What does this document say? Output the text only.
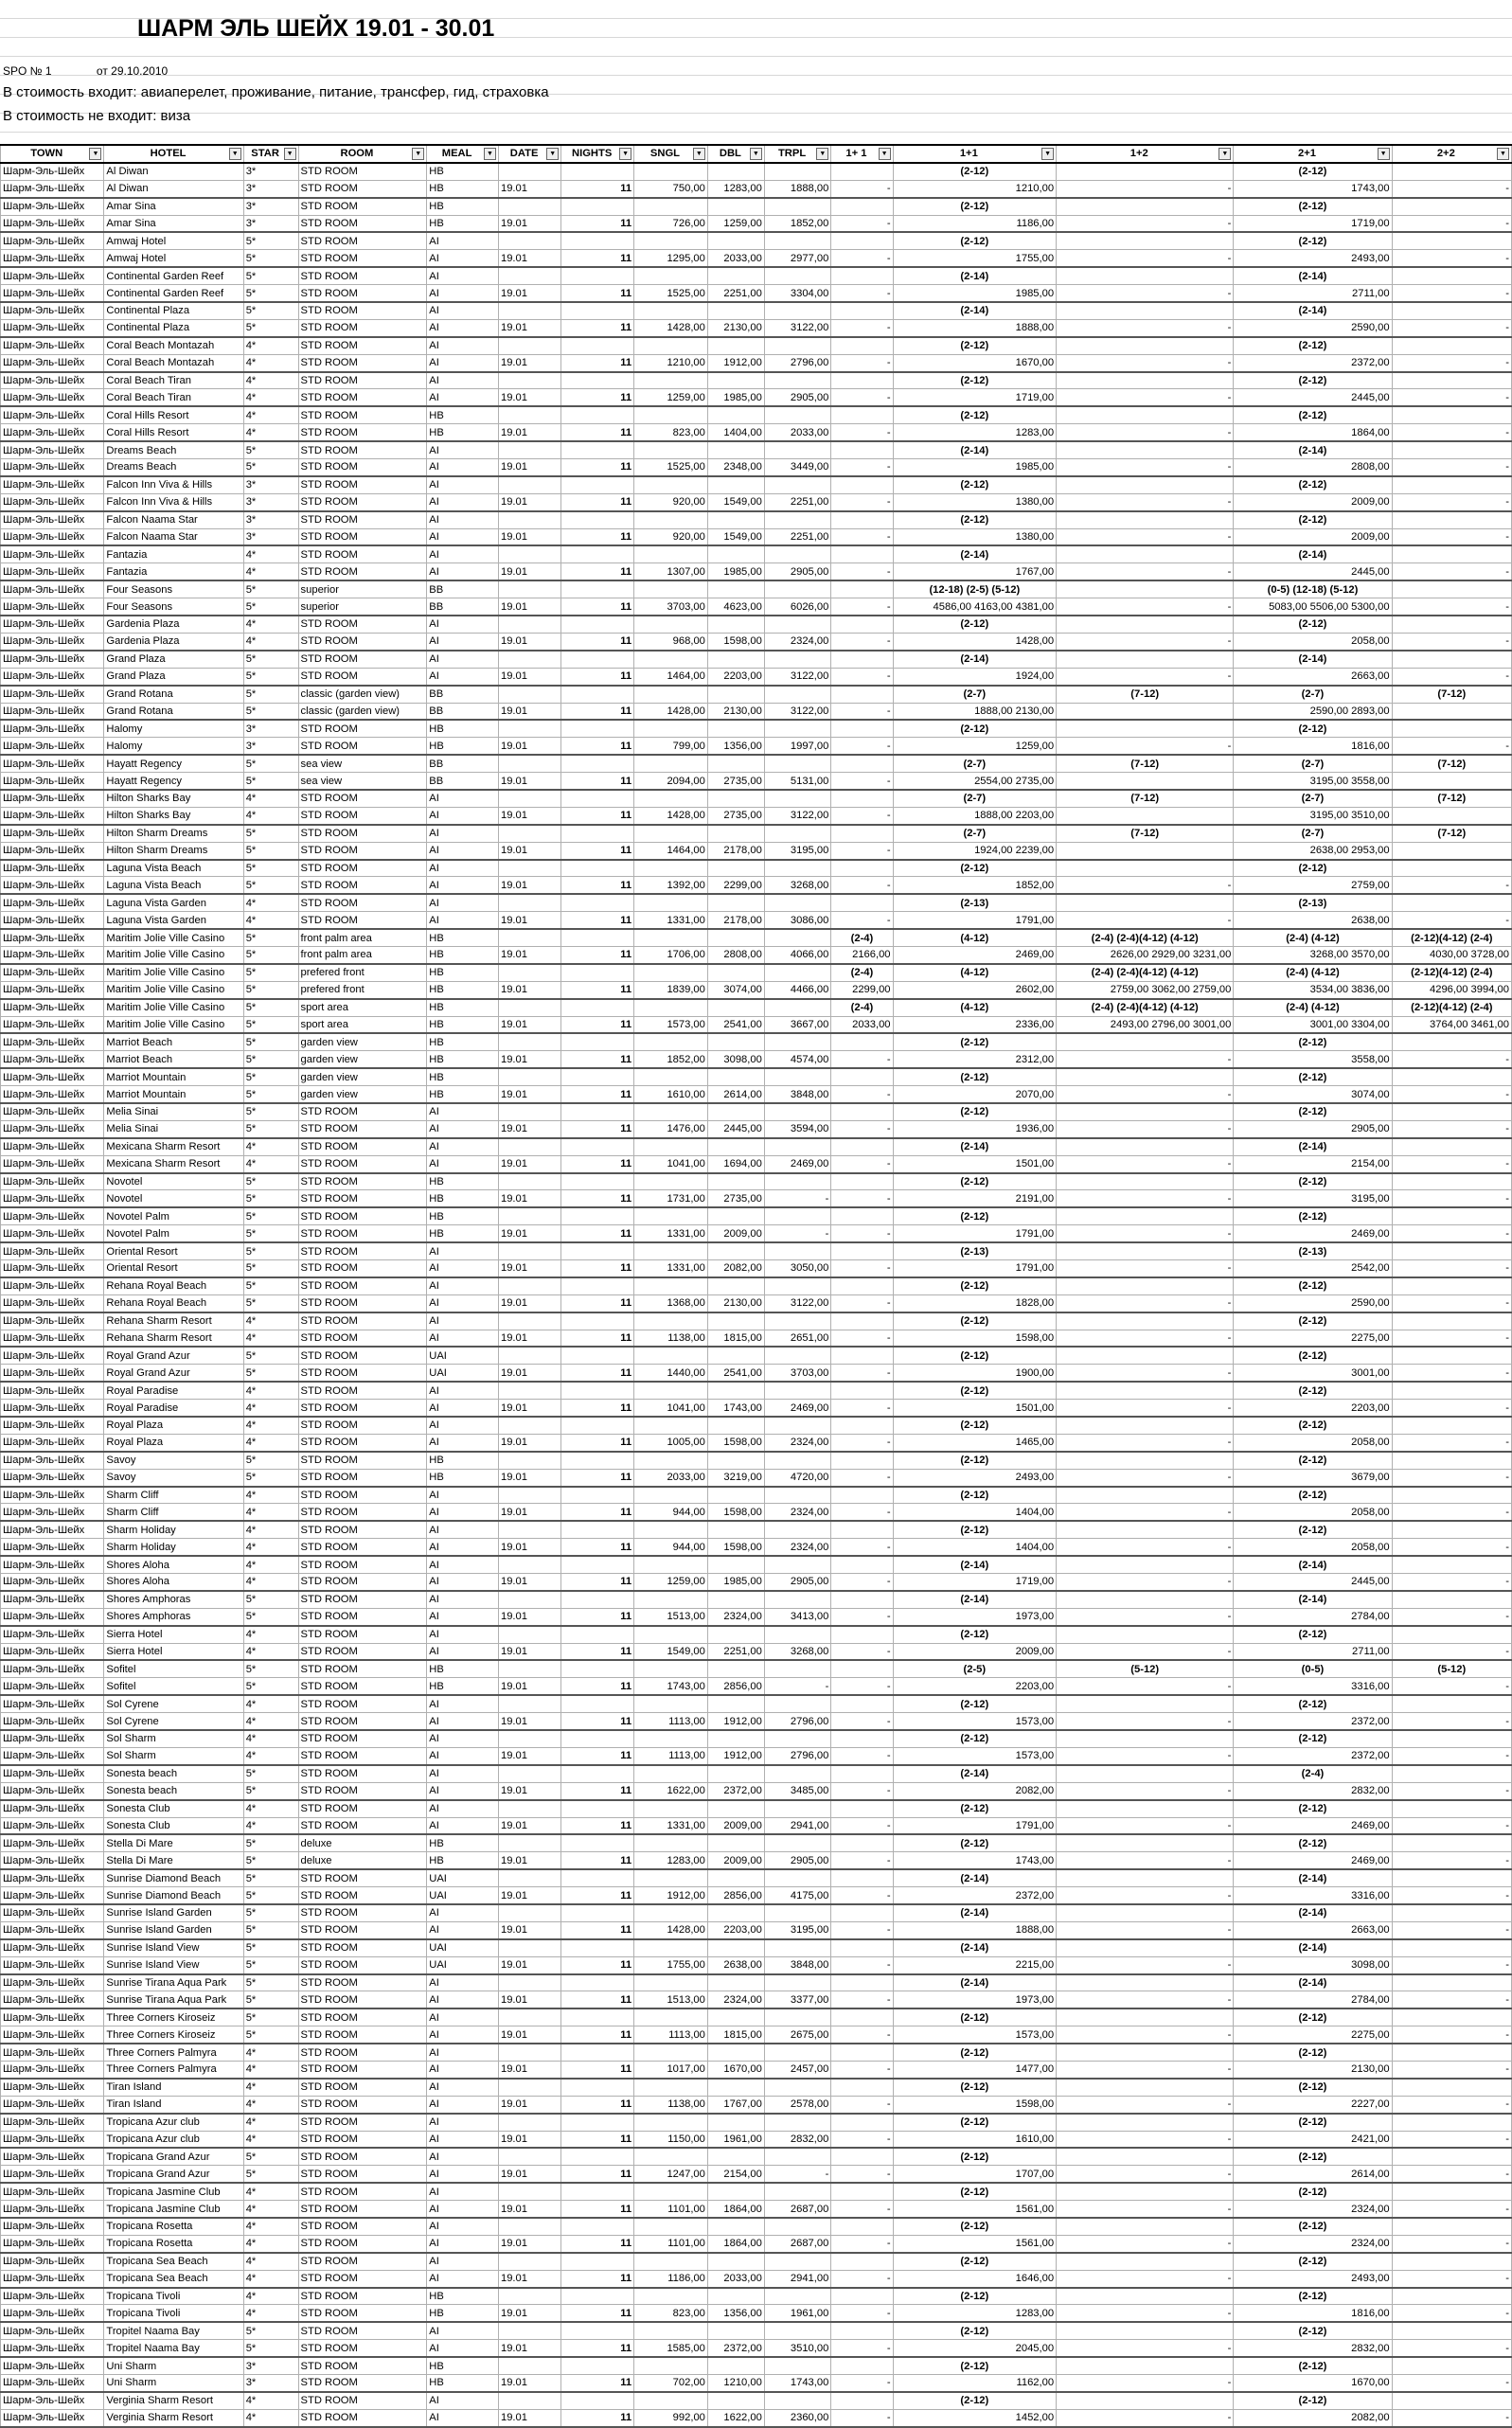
ШАРМ ЭЛЬ ШЕЙХ 19.01 - 30.01
SPO № 1	от 29.10.2010
В стоимость входит: авиаперелет, проживание, питание, трансфер, гид, страховка
В стоимость не входит: виза
TOWN ▼	HOTEL ▼	STAR ▼	ROOM ▼	MEAL ▼	DATE ▼	NIGHTS ▼	SNGL ▼	DBL ▼	TRPL ▼	1+ 1 ▼	1+1 ▼	1+2 ▼	2+1 ▼	2+2 ▼

Шарм-Эль-Шейх	Al Diwan	3*	STD ROOM	HB							(2-12)		(2-12)	
Шарм-Эль-Шейх	Al Diwan	3*	STD ROOM	HB	19.01	11	750,00	1283,00	1888,00	-	1210,00	-	1743,00	-
Шарм-Эль-Шейх	Amar Sina	3*	STD ROOM	HB							(2-12)		(2-12)	
Шарм-Эль-Шейх	Amar Sina	3*	STD ROOM	HB	19.01	11	726,00	1259,00	1852,00	-	1186,00	-	1719,00	-
Шарм-Эль-Шейх	Amwaj Hotel	5*	STD ROOM	AI							(2-12)		(2-12)	
Шарм-Эль-Шейх	Amwaj Hotel	5*	STD ROOM	AI	19.01	11	1295,00	2033,00	2977,00	-	1755,00	-	2493,00	-
Шарм-Эль-Шейх	Continental Garden Reef	5*	STD ROOM	AI							(2-14)		(2-14)	
Шарм-Эль-Шейх	Continental Garden Reef	5*	STD ROOM	AI	19.01	11	1525,00	2251,00	3304,00	-	1985,00	-	2711,00	-
Шарм-Эль-Шейх	Continental Plaza	5*	STD ROOM	AI							(2-14)		(2-14)	
Шарм-Эль-Шейх	Continental Plaza	5*	STD ROOM	AI	19.01	11	1428,00	2130,00	3122,00	-	1888,00	-	2590,00	-
Шарм-Эль-Шейх	Coral Beach Montazah	4*	STD ROOM	AI							(2-12)		(2-12)	
Шарм-Эль-Шейх	Coral Beach Montazah	4*	STD ROOM	AI	19.01	11	1210,00	1912,00	2796,00	-	1670,00	-	2372,00	-
Шарм-Эль-Шейх	Coral Beach Tiran	4*	STD ROOM	AI							(2-12)		(2-12)	
Шарм-Эль-Шейх	Coral Beach Tiran	4*	STD ROOM	AI	19.01	11	1259,00	1985,00	2905,00	-	1719,00	-	2445,00	-
Шарм-Эль-Шейх	Coral Hills Resort	4*	STD ROOM	HB							(2-12)		(2-12)	
Шарм-Эль-Шейх	Coral Hills Resort	4*	STD ROOM	HB	19.01	11	823,00	1404,00	2033,00	-	1283,00	-	1864,00	-
Шарм-Эль-Шейх	Dreams Beach	5*	STD ROOM	AI							(2-14)		(2-14)	
Шарм-Эль-Шейх	Dreams Beach	5*	STD ROOM	AI	19.01	11	1525,00	2348,00	3449,00	-	1985,00	-	2808,00	-
Шарм-Эль-Шейх	Falcon Inn Viva & Hills	3*	STD ROOM	AI							(2-12)		(2-12)	
Шарм-Эль-Шейх	Falcon Inn Viva & Hills	3*	STD ROOM	AI	19.01	11	920,00	1549,00	2251,00	-	1380,00	-	2009,00	-
Шарм-Эль-Шейх	Falcon Naama Star	3*	STD ROOM	AI							(2-12)		(2-12)	
Шарм-Эль-Шейх	Falcon Naama Star	3*	STD ROOM	AI	19.01	11	920,00	1549,00	2251,00	-	1380,00	-	2009,00	-
Шарм-Эль-Шейх	Fantazia	4*	STD ROOM	AI							(2-14)		(2-14)	
Шарм-Эль-Шейх	Fantazia	4*	STD ROOM	AI	19.01	11	1307,00	1985,00	2905,00	-	1767,00	-	2445,00	-
Шарм-Эль-Шейх	Four Seasons	5*	superior	BB							(12-18) (2-5) (5-12)		(0-5) (12-18) (5-12)	
Шарм-Эль-Шейх	Four Seasons	5*	superior	BB	19.01	11	3703,00	4623,00	6026,00	-	4586,00 4163,00 4381,00	-	5083,00 5506,00 5300,00	-
Шарм-Эль-Шейх	Gardenia Plaza	4*	STD ROOM	AI							(2-12)		(2-12)	
Шарм-Эль-Шейх	Gardenia Plaza	4*	STD ROOM	AI	19.01	11	968,00	1598,00	2324,00	-	1428,00	-	2058,00	-
Шарм-Эль-Шейх	Grand Plaza	5*	STD ROOM	AI							(2-14)		(2-14)	
Шарм-Эль-Шейх	Grand Plaza	5*	STD ROOM	AI	19.01	11	1464,00	2203,00	3122,00	-	1924,00	-	2663,00	-
Шарм-Эль-Шейх	Grand Rotana	5*	classic (garden view)	BB							(2-7)	(7-12)	(2-7)	(7-12)
Шарм-Эль-Шейх	Grand Rotana	5*	classic (garden view)	BB	19.01	11	1428,00	2130,00	3122,00	-	1888,00 2130,00		2590,00 2893,00	
Шарм-Эль-Шейх	Halomy	3*	STD ROOM	HB							(2-12)		(2-12)	
Шарм-Эль-Шейх	Halomy	3*	STD ROOM	HB	19.01	11	799,00	1356,00	1997,00	-	1259,00	-	1816,00	-
Шарм-Эль-Шейх	Hayatt Regency	5*	sea view	BB							(2-7)	(7-12)	(2-7)	(7-12)
Шарм-Эль-Шейх	Hayatt Regency	5*	sea view	BB	19.01	11	2094,00	2735,00	5131,00	-	2554,00 2735,00		3195,00 3558,00	
Шарм-Эль-Шейх	Hilton Sharks Bay	4*	STD ROOM	AI							(2-7)	(7-12)	(2-7)	(7-12)
Шарм-Эль-Шейх	Hilton Sharks Bay	4*	STD ROOM	AI	19.01	11	1428,00	2735,00	3122,00	-	1888,00 2203,00		3195,00 3510,00	
Шарм-Эль-Шейх	Hilton Sharm Dreams	5*	STD ROOM	AI							(2-7)	(7-12)	(2-7)	(7-12)
Шарм-Эль-Шейх	Hilton Sharm Dreams	5*	STD ROOM	AI	19.01	11	1464,00	2178,00	3195,00	-	1924,00 2239,00		2638,00 2953,00	
Шарм-Эль-Шейх	Laguna Vista Beach	5*	STD ROOM	AI							(2-12)		(2-12)	
Шарм-Эль-Шейх	Laguna Vista Beach	5*	STD ROOM	AI	19.01	11	1392,00	2299,00	3268,00	-	1852,00	-	2759,00	-
Шарм-Эль-Шейх	Laguna Vista Garden	4*	STD ROOM	AI							(2-13)		(2-13)	
Шарм-Эль-Шейх	Laguna Vista Garden	4*	STD ROOM	AI	19.01	11	1331,00	2178,00	3086,00	-	1791,00	-	2638,00	-
Шарм-Эль-Шейх	Maritim Jolie Ville Casino	5*	front palm area	HB						(2-4)	(4-12)	(2-4) (2-4)(4-12) (4-12)	(2-4) (4-12)	(2-12)(4-12) (2-4)
Шарм-Эль-Шейх	Maritim Jolie Ville Casino	5*	front palm area	HB	19.01	11	1706,00	2808,00	4066,00	2166,00	2469,00	2626,00 2929,00 3231,00	3268,00 3570,00	4030,00 3728,00
Шарм-Эль-Шейх	Maritim Jolie Ville Casino	5*	prefered front	HB						(2-4)	(4-12)	(2-4) (2-4)(4-12) (4-12)	(2-4) (4-12)	(2-12)(4-12) (2-4)
Шарм-Эль-Шейх	Maritim Jolie Ville Casino	5*	prefered front	HB	19.01	11	1839,00	3074,00	4466,00	2299,00	2602,00	2759,00 3062,00 2759,00	3534,00 3836,00	4296,00 3994,00
Шарм-Эль-Шейх	Maritim Jolie Ville Casino	5*	sport area	HB						(2-4)	(4-12)	(2-4) (2-4)(4-12) (4-12)	(2-4) (4-12)	(2-12)(4-12) (2-4)
Шарм-Эль-Шейх	Maritim Jolie Ville Casino	5*	sport area	HB	19.01	11	1573,00	2541,00	3667,00	2033,00	2336,00	2493,00 2796,00 3001,00	3001,00 3304,00	3764,00 3461,00
Шарм-Эль-Шейх	Marriot Beach	5*	garden view	HB							(2-12)		(2-12)	
Шарм-Эль-Шейх	Marriot Beach	5*	garden view	HB	19.01	11	1852,00	3098,00	4574,00	-	2312,00	-	3558,00	-
Шарм-Эль-Шейх	Marriot Mountain	5*	garden view	HB							(2-12)		(2-12)	
Шарм-Эль-Шейх	Marriot Mountain	5*	garden view	HB	19.01	11	1610,00	2614,00	3848,00	-	2070,00	-	3074,00	-
Шарм-Эль-Шейх	Melia Sinai	5*	STD ROOM	AI							(2-12)		(2-12)	
Шарм-Эль-Шейх	Melia Sinai	5*	STD ROOM	AI	19.01	11	1476,00	2445,00	3594,00	-	1936,00	-	2905,00	-
Шарм-Эль-Шейх	Mexicana Sharm Resort	4*	STD ROOM	AI							(2-14)		(2-14)	
Шарм-Эль-Шейх	Mexicana Sharm Resort	4*	STD ROOM	AI	19.01	11	1041,00	1694,00	2469,00	-	1501,00	-	2154,00	-
Шарм-Эль-Шейх	Novotel	5*	STD ROOM	HB							(2-12)		(2-12)	
Шарм-Эль-Шейх	Novotel	5*	STD ROOM	HB	19.01	11	1731,00	2735,00	-	-	2191,00	-	3195,00	-
Шарм-Эль-Шейх	Novotel Palm	5*	STD ROOM	HB							(2-12)		(2-12)	
Шарм-Эль-Шейх	Novotel Palm	5*	STD ROOM	HB	19.01	11	1331,00	2009,00	-	-	1791,00	-	2469,00	-
Шарм-Эль-Шейх	Oriental Resort	5*	STD ROOM	AI							(2-13)		(2-13)	
Шарм-Эль-Шейх	Oriental Resort	5*	STD ROOM	AI	19.01	11	1331,00	2082,00	3050,00	-	1791,00	-	2542,00	-
Шарм-Эль-Шейх	Rehana Royal Beach	5*	STD ROOM	AI							(2-12)		(2-12)	
Шарм-Эль-Шейх	Rehana Royal Beach	5*	STD ROOM	AI	19.01	11	1368,00	2130,00	3122,00	-	1828,00	-	2590,00	-
Шарм-Эль-Шейх	Rehana Sharm Resort	4*	STD ROOM	AI							(2-12)		(2-12)	
Шарм-Эль-Шейх	Rehana Sharm Resort	4*	STD ROOM	AI	19.01	11	1138,00	1815,00	2651,00	-	1598,00	-	2275,00	-
Шарм-Эль-Шейх	Royal Grand Azur	5*	STD ROOM	UAI							(2-12)		(2-12)	
Шарм-Эль-Шейх	Royal Grand Azur	5*	STD ROOM	UAI	19.01	11	1440,00	2541,00	3703,00	-	1900,00	-	3001,00	-
Шарм-Эль-Шейх	Royal Paradise	4*	STD ROOM	AI							(2-12)		(2-12)	
Шарм-Эль-Шейх	Royal Paradise	4*	STD ROOM	AI	19.01	11	1041,00	1743,00	2469,00	-	1501,00	-	2203,00	-
Шарм-Эль-Шейх	Royal Plaza	4*	STD ROOM	AI							(2-12)		(2-12)	
Шарм-Эль-Шейх	Royal Plaza	4*	STD ROOM	AI	19.01	11	1005,00	1598,00	2324,00	-	1465,00	-	2058,00	-
Шарм-Эль-Шейх	Savoy	5*	STD ROOM	HB							(2-12)		(2-12)	
Шарм-Эль-Шейх	Savoy	5*	STD ROOM	HB	19.01	11	2033,00	3219,00	4720,00	-	2493,00	-	3679,00	-
Шарм-Эль-Шейх	Sharm Cliff	4*	STD ROOM	AI							(2-12)		(2-12)	
Шарм-Эль-Шейх	Sharm Cliff	4*	STD ROOM	AI	19.01	11	944,00	1598,00	2324,00	-	1404,00	-	2058,00	-
Шарм-Эль-Шейх	Sharm Holiday	4*	STD ROOM	AI							(2-12)		(2-12)	
Шарм-Эль-Шейх	Sharm Holiday	4*	STD ROOM	AI	19.01	11	944,00	1598,00	2324,00	-	1404,00	-	2058,00	-
Шарм-Эль-Шейх	Shores Aloha	4*	STD ROOM	AI							(2-14)		(2-14)	
Шарм-Эль-Шейх	Shores Aloha	4*	STD ROOM	AI	19.01	11	1259,00	1985,00	2905,00	-	1719,00	-	2445,00	-
Шарм-Эль-Шейх	Shores Amphoras	5*	STD ROOM	AI							(2-14)		(2-14)	
Шарм-Эль-Шейх	Shores Amphoras	5*	STD ROOM	AI	19.01	11	1513,00	2324,00	3413,00	-	1973,00	-	2784,00	-
Шарм-Эль-Шейх	Sierra Hotel	4*	STD ROOM	AI							(2-12)		(2-12)	
Шарм-Эль-Шейх	Sierra Hotel	4*	STD ROOM	AI	19.01	11	1549,00	2251,00	3268,00	-	2009,00	-	2711,00	-
Шарм-Эль-Шейх	Sofitel	5*	STD ROOM	HB							(2-5)	(5-12)	(0-5)	(5-12)
Шарм-Эль-Шейх	Sofitel	5*	STD ROOM	HB	19.01	11	1743,00	2856,00	-	-	2203,00	-	3316,00	-
Шарм-Эль-Шейх	Sol Cyrene	4*	STD ROOM	AI							(2-12)		(2-12)	
Шарм-Эль-Шейх	Sol Cyrene	4*	STD ROOM	AI	19.01	11	1113,00	1912,00	2796,00	-	1573,00	-	2372,00	-
Шарм-Эль-Шейх	Sol Sharm	4*	STD ROOM	AI							(2-12)		(2-12)	
Шарм-Эль-Шейх	Sol Sharm	4*	STD ROOM	AI	19.01	11	1113,00	1912,00	2796,00	-	1573,00	-	2372,00	-
Шарм-Эль-Шейх	Sonesta beach	5*	STD ROOM	AI							(2-14)		(2-4)	
Шарм-Эль-Шейх	Sonesta beach	5*	STD ROOM	AI	19.01	11	1622,00	2372,00	3485,00	-	2082,00	-	2832,00	-
Шарм-Эль-Шейх	Sonesta Club	4*	STD ROOM	AI							(2-12)		(2-12)	
Шарм-Эль-Шейх	Sonesta Club	4*	STD ROOM	AI	19.01	11	1331,00	2009,00	2941,00	-	1791,00	-	2469,00	-
Шарм-Эль-Шейх	Stella Di Mare	5*	deluxe	HB							(2-12)		(2-12)	
Шарм-Эль-Шейх	Stella Di Mare	5*	deluxe	HB	19.01	11	1283,00	2009,00	2905,00	-	1743,00	-	2469,00	-
Шарм-Эль-Шейх	Sunrise Diamond Beach	5*	STD ROOM	UAI							(2-14)		(2-14)	
Шарм-Эль-Шейх	Sunrise Diamond Beach	5*	STD ROOM	UAI	19.01	11	1912,00	2856,00	4175,00	-	2372,00	-	3316,00	-
Шарм-Эль-Шейх	Sunrise Island Garden	5*	STD ROOM	AI							(2-14)		(2-14)	
Шарм-Эль-Шейх	Sunrise Island Garden	5*	STD ROOM	AI	19.01	11	1428,00	2203,00	3195,00	-	1888,00	-	2663,00	-
Шарм-Эль-Шейх	Sunrise Island View	5*	STD ROOM	UAI							(2-14)		(2-14)	
Шарм-Эль-Шейх	Sunrise Island View	5*	STD ROOM	UAI	19.01	11	1755,00	2638,00	3848,00	-	2215,00	-	3098,00	-
Шарм-Эль-Шейх	Sunrise Tirana Aqua Park	5*	STD ROOM	AI							(2-14)		(2-14)	
Шарм-Эль-Шейх	Sunrise Tirana Aqua Park	5*	STD ROOM	AI	19.01	11	1513,00	2324,00	3377,00	-	1973,00	-	2784,00	-
Шарм-Эль-Шейх	Three Corners Kiroseiz	5*	STD ROOM	AI							(2-12)		(2-12)	
Шарм-Эль-Шейх	Three Corners Kiroseiz	5*	STD ROOM	AI	19.01	11	1113,00	1815,00	2675,00	-	1573,00	-	2275,00	-
Шарм-Эль-Шейх	Three Corners Palmyra	4*	STD ROOM	AI							(2-12)		(2-12)	
Шарм-Эль-Шейх	Three Corners Palmyra	4*	STD ROOM	AI	19.01	11	1017,00	1670,00	2457,00	-	1477,00	-	2130,00	-
Шарм-Эль-Шейх	Tiran Island	4*	STD ROOM	AI							(2-12)		(2-12)	
Шарм-Эль-Шейх	Tiran Island	4*	STD ROOM	AI	19.01	11	1138,00	1767,00	2578,00	-	1598,00	-	2227,00	-
Шарм-Эль-Шейх	Tropicana Azur club	4*	STD ROOM	AI							(2-12)		(2-12)	
Шарм-Эль-Шейх	Tropicana Azur club	4*	STD ROOM	AI	19.01	11	1150,00	1961,00	2832,00	-	1610,00	-	2421,00	-
Шарм-Эль-Шейх	Tropicana Grand Azur	5*	STD ROOM	AI							(2-12)		(2-12)	
Шарм-Эль-Шейх	Tropicana Grand Azur	5*	STD ROOM	AI	19.01	11	1247,00	2154,00	-	-	1707,00	-	2614,00	-
Шарм-Эль-Шейх	Tropicana Jasmine Club	4*	STD ROOM	AI							(2-12)		(2-12)	
Шарм-Эль-Шейх	Tropicana Jasmine Club	4*	STD ROOM	AI	19.01	11	1101,00	1864,00	2687,00	-	1561,00	-	2324,00	-
Шарм-Эль-Шейх	Tropicana Rosetta	4*	STD ROOM	AI							(2-12)		(2-12)	
Шарм-Эль-Шейх	Tropicana Rosetta	4*	STD ROOM	AI	19.01	11	1101,00	1864,00	2687,00	-	1561,00	-	2324,00	-
Шарм-Эль-Шейх	Tropicana Sea Beach	4*	STD ROOM	AI							(2-12)		(2-12)	
Шарм-Эль-Шейх	Tropicana Sea Beach	4*	STD ROOM	AI	19.01	11	1186,00	2033,00	2941,00	-	1646,00	-	2493,00	-
Шарм-Эль-Шейх	Tropicana Tivoli	4*	STD ROOM	HB							(2-12)		(2-12)	
Шарм-Эль-Шейх	Tropicana Tivoli	4*	STD ROOM	HB	19.01	11	823,00	1356,00	1961,00	-	1283,00	-	1816,00	-
Шарм-Эль-Шейх	Tropitel Naama Bay	5*	STD ROOM	AI							(2-12)		(2-12)	
Шарм-Эль-Шейх	Tropitel Naama Bay	5*	STD ROOM	AI	19.01	11	1585,00	2372,00	3510,00	-	2045,00	-	2832,00	-
Шарм-Эль-Шейх	Uni Sharm	3*	STD ROOM	HB							(2-12)		(2-12)	
Шарм-Эль-Шейх	Uni Sharm	3*	STD ROOM	HB	19.01	11	702,00	1210,00	1743,00	-	1162,00	-	1670,00	-
Шарм-Эль-Шейх	Verginia Sharm Resort	4*	STD ROOM	AI							(2-12)		(2-12)	
Шарм-Эль-Шейх	Verginia Sharm Resort	4*	STD ROOM	AI	19.01	11	992,00	1622,00	2360,00	-	1452,00	-	2082,00	-
